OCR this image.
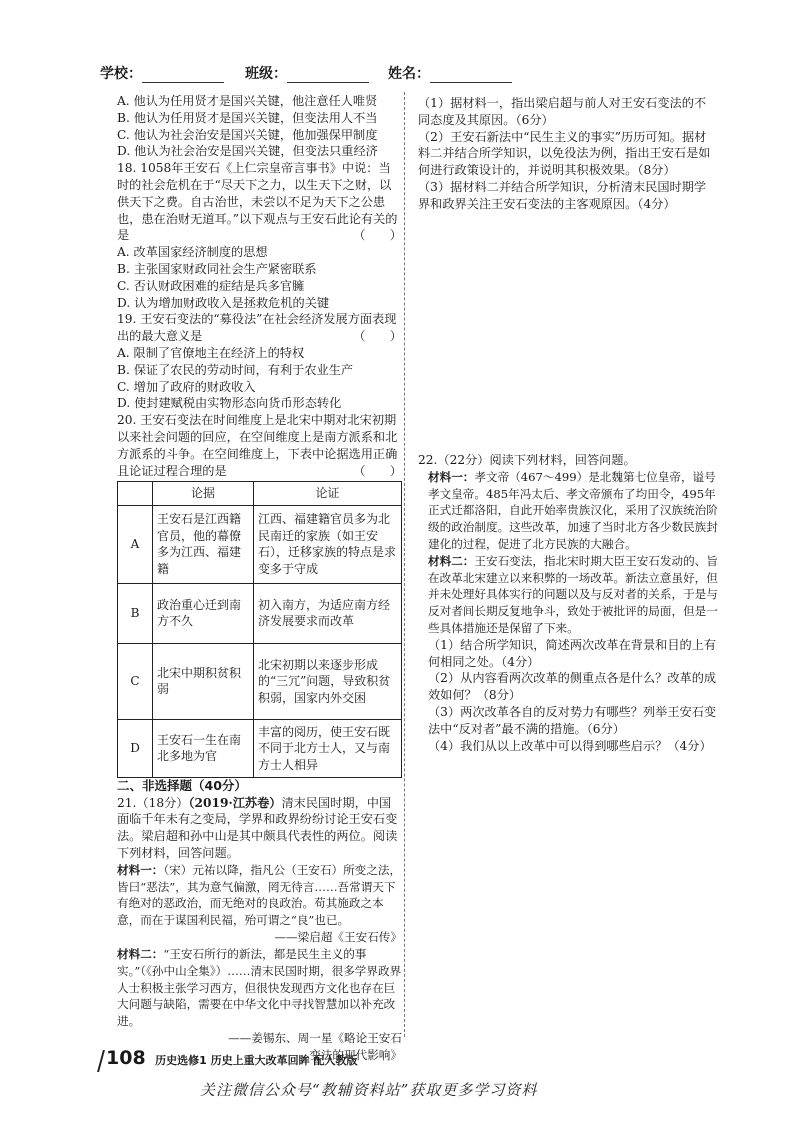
学校：	班级：	姓名：

A. 他认为任用贤才是国兴关键，他注意任人唯贤

B. 他认为任用贤才是国兴关键，但变法用人不当

C. 他认为社会治安是国兴关键，他加强保甲制度

D. 他认为社会治安是国兴关键，但变法只重经济

18. 1058年王安石《上仁宗皇帝言事书》中说：当时的社会危机在于“尽天下之力，以生天下之财，以供天下之费。自古治世，未尝以不足为天下之公患也，患在治财无道耳。”以下观点与王安石此论有关的是	（　　）

A. 改革国家经济制度的思想

B. 主张国家财政同社会生产紧密联系

C. 否认财政困难的症结是兵多官臃

D. 认为增加财政收入是拯救危机的关键

19. 王安石变法的“募役法”在社会经济发展方面表现出的最大意义是	（　　）

A. 限制了官僚地主在经济上的特权

B. 保证了农民的劳动时间，有利于农业生产

C. 增加了政府的财政收入

D. 使封建赋税由实物形态向货币形态转化

20. 王安石变法在时间维度上是北宋中期对北宋初期以来社会问题的回应，在空间维度上是南方派系和北方派系的斗争。在空间维度上，下表中论据选用正确且论证过程合理的是	（　　）

	论据	论证
A	王安石是江西籍官员，他的幕僚多为江西、福建籍	江西、福建籍官员多为北民南迁的家族（如王安石），迁移家族的特点是求变多于守成
B	政治重心迁到南方不久	初入南方，为适应南方经济发展要求而改革
C	北宋中期积贫积弱	北宋初期以来逐步形成的“三冗”问题，导致积贫积弱，国家内外交困
D	王安石一生在南北多地为官	丰富的阅历，使王安石既不同于北方士人，又与南方士人相异

二、非选择题（40分）

21.（18分）（2019·江苏卷）清末民国时期，中国面临千年未有之变局，学界和政界纷纷讨论王安石变法。梁启超和孙中山是其中颇具代表性的两位。阅读下列材料，回答问题。

材料一：（宋）元祐以降，指凡公（王安石）所变之法，皆曰“恶法”，其为意气偏激，罔无待言……吾常谓天下有绝对的恶政治，而无绝对的良政治。苟其施政之本意，而在于谋国利民福，殆可谓之“良”也已。

——梁启超《王安石传》

材料二：“王安石所行的新法，都是民生主义的事实。”（《孙中山全集》）……清末民国时期，很多学界政界人士积极主张学习西方，但很快发现西方文化也存在巨大问题与缺陷，需要在中华文化中寻找智慧加以补充改进。

——姜锡东、周一星《略论王安石

变法的现代影响》

（1）据材料一，指出梁启超与前人对王安石变法的不同态度及其原因。（6分）

（2）王安石新法中“民生主义的事实”历历可知。据材料二并结合所学知识，以免役法为例，指出王安石是如何进行政策设计的，并说明其积极效果。（8分）

（3）据材料二并结合所学知识，分析清末民国时期学界和政界关注王安石变法的主客观原因。（4分）

22.（22分）阅读下列材料，回答问题。

材料一：孝文帝（467～499）是北魏第七位皇帝，谥号孝文皇帝。485年冯太后、孝文帝颁布了均田令，495年正式迁都洛阳，自此开始率贵族汉化，采用了汉族统治阶级的政治制度。这些改革，加速了当时北方各少数民族封建化的过程，促进了北方民族的大融合。

材料二：王安石变法，指北宋时期大臣王安石发动的、旨在改革北宋建立以来积弊的一场改革。新法立意虽好，但并未处理好具体实行的问题以及与反对者的关系，于是与反对者间长期反复地争斗，致处于被批评的局面，但是一些具体措施还是保留了下来。

（1）结合所学知识，简述两次改革在背景和目的上有何相同之处。（4分）

（2）从内容看两次改革的侧重点各是什么？改革的成效如何？（8分）

（3）两次改革各自的反对势力有哪些？列举王安石变法中“反对者”最不满的措施。（6分）

（4）我们从以上改革中可以得到哪些启示？（4分）

108 历史选修1 历史上重大改革回眸 配人教版
关注微信公众号“教辅资料站”获取更多学习资料
